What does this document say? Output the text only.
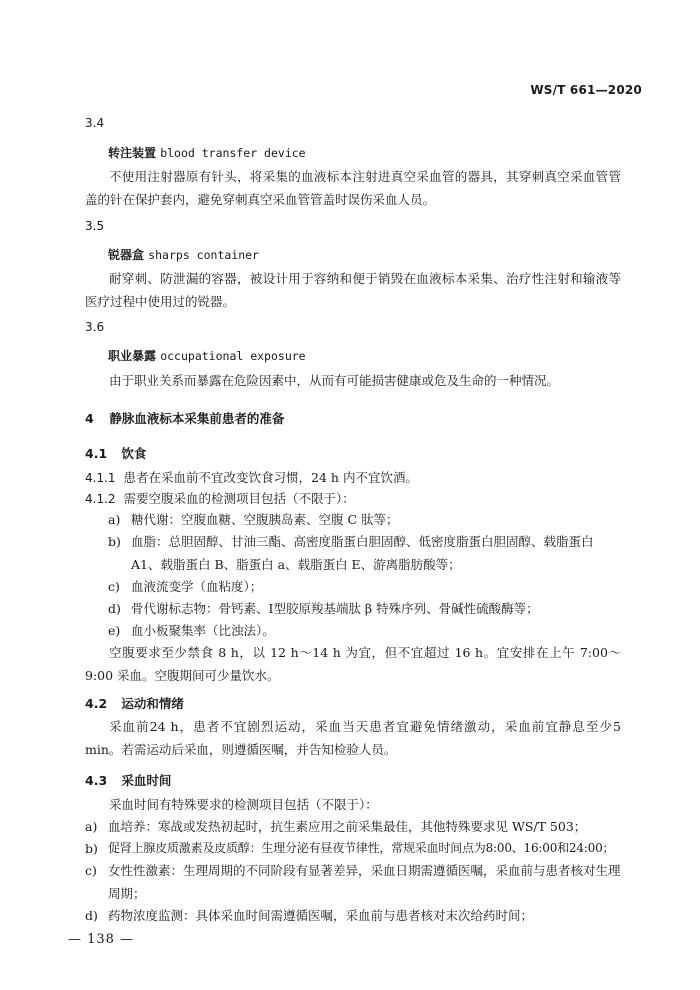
WS/T 661—2020
3.4
转注装置 blood transfer device
不使用注射器原有针头，将采集的血液标本注射进真空采血管的器具，其穿刺真空采血管管盖的针在保护套内，避免穿刺真空采血管管盖时误伤采血人员。
3.5
锐器盒 sharps container
耐穿刺、防泄漏的容器，被设计用于容纳和便于销毁在血液标本采集、治疗性注射和输液等医疗过程中使用过的锐器。
3.6
职业暴露 occupational exposure
由于职业关系而暴露在危险因素中，从而有可能损害健康或危及生命的一种情况。
4 静脉血液标本采集前患者的准备
4.1 饮食
4.1.1 患者在采血前不宜改变饮食习惯，24 h 内不宜饮酒。
4.1.2 需要空腹采血的检测项目包括（不限于）：
a) 糖代谢：空腹血糖、空腹胰岛素、空腹 C 肽等；
b) 血脂：总胆固醇、甘油三酯、高密度脂蛋白胆固醇、低密度脂蛋白胆固醇、载脂蛋白 A1、载脂蛋白 B、脂蛋白 a、载脂蛋白 E、游离脂肪酸等；
c) 血液流变学（血粘度）；
d) 骨代谢标志物：骨钙素、Ⅰ型胶原羧基端肽 β 特殊序列、骨碱性硫酸酶等；
e) 血小板聚集率（比浊法）。
空腹要求至少禁食 8 h，以 12 h～14 h 为宜，但不宜超过 16 h。宜安排在上午 7:00～9:00 采血。空腹期间可少量饮水。
4.2 运动和情绪
采血前24 h，患者不宜剧烈运动，采血当天患者宜避免情绪激动，采血前宜静息至少5 min。若需运动后采血，则遵循医嘱，并告知检验人员。
4.3 采血时间
采血时间有特殊要求的检测项目包括（不限于）：
a) 血培养：寒战或发热初起时，抗生素应用之前采集最佳，其他特殊要求见 WS/T 503；
b) 促肾上腺皮质激素及皮质醇：生理分泌有昼夜节律性，常规采血时间点为8:00、16:00和24:00；
c) 女性性激素：生理周期的不同阶段有显著差异，采血日期需遵循医嘱，采血前与患者核对生理周期；
d) 药物浓度监测：具体采血时间需遵循医嘱，采血前与患者核对末次给药时间；
— 138 —
